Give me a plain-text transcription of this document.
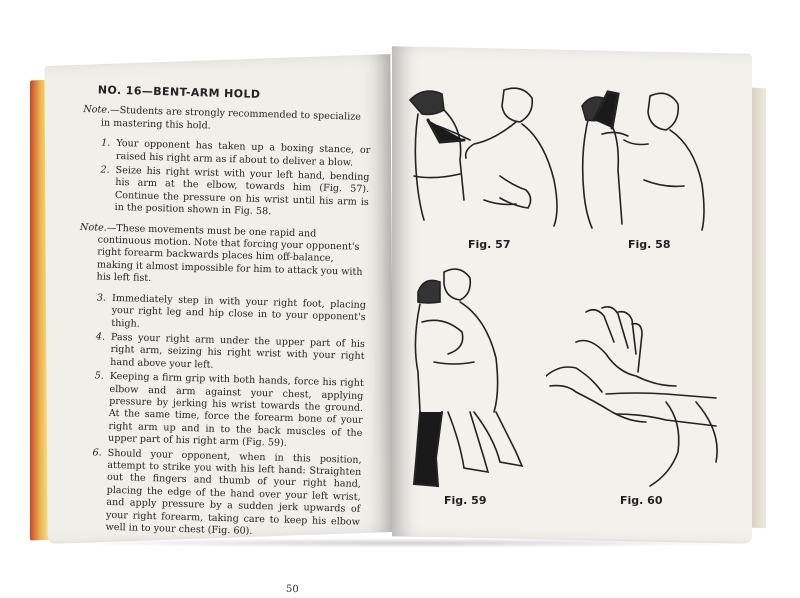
NO. 16—BENT-ARM HOLD
Note.—Students are strongly recommended to specialize in mastering this hold.
1. Your opponent has taken up a boxing stance, or raised his right arm as if about to deliver a blow.
2. Seize his right wrist with your left hand, bending his arm at the elbow, towards him (Fig. 57). Continue the pressure on his wrist until his arm is in the position shown in Fig. 58.
Note.—These movements must be one rapid and continuous motion. Note that forcing your opponent's right forearm backwards places him off-balance, making it almost impossible for him to attack you with his left fist.
3. Immediately step in with your right foot, placing your right leg and hip close in to your opponent's thigh.
4. Pass your right arm under the upper part of his right arm, seizing his right wrist with your right hand above your left.
5. Keeping a firm grip with both hands, force his right elbow and arm against your chest, applying pressure by jerking his wrist towards the ground. At the same time, force the forearm bone of your right arm up and in to the back muscles of the upper part of his right arm (Fig. 59).
6. Should your opponent, when in this position, attempt to strike you with his left hand: Straighten out the fingers and thumb of your right hand, placing the edge of the hand over your left wrist, and apply pressure by a sudden jerk upwards of your right forearm, taking care to keep his elbow well in to your chest (Fig. 60).
50
Fig. 57	Fig. 58
Fig. 59	Fig. 60
